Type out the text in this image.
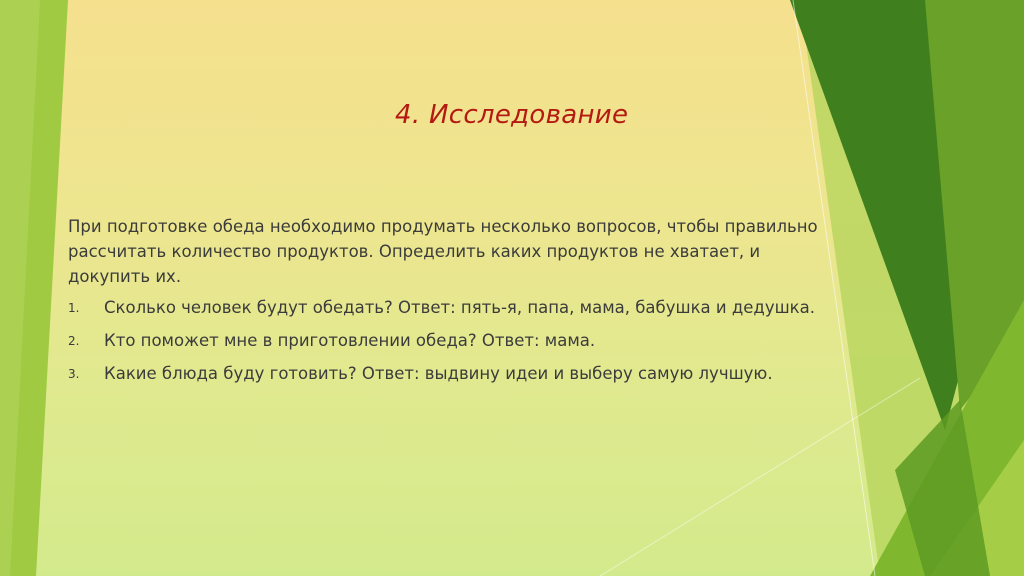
4. Исследование

При подготовке обеда необходимо продумать несколько вопросов, чтобы правильно рассчитать количество продуктов. Определить каких продуктов не хватает, и докупить их.

1. Сколько человек будут обедать? Ответ: пять-я, папа, мама, бабушка и дедушка.
2. Кто поможет мне в приготовлении обеда? Ответ: мама.
3. Какие блюда буду готовить? Ответ: выдвину идеи и выберу самую лучшую.
